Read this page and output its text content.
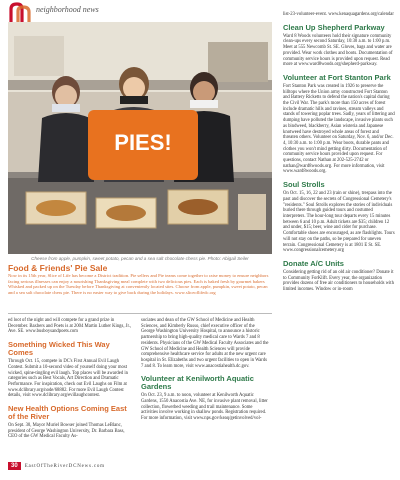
neighborhood news
PIES!
Cheese from apple, pumpkin, sweet potato, pecan and a sea salt chocolate chess pie. Photo: Abigail Seiler
Food & Friends' Pie Sale
Now in its 15th year, Slice of Life has become a District tradition. Pie sellers and Pie teams come together to raise money to ensure neighbors facing serious illnesses can enjoy a nourishing Thanksgiving meal complete with two delicious pies. Each is baked fresh by gourmet bakers Whisked and packed up on the Tuesday before Thanksgiving at conveniently located sites. Choose from apple, pumpkin, sweet potato, pecan and a sea salt chocolate chess pie. There is no easier way to give back during the holidays. www.sliceoflifedc.org

ed loot of the night and will compete for a grand prize in December. Baxbers and Poets is at 2004 Martin Luther Kings, Jr., Ave. SE. www.busboysandpoets.com

Something Wicked This Way Comes

Through Oct. 15, compete in DC's First Annual Evil Laugh Contest. Submit a 10-second video of yourself doing your most wicked, spine-tingling evil laugh. Top places will be awarded in categories such as Best Vocals, Art Direction and Dramatic Performance. For inspiration, check out Evil Laughs on Film at www.dclibrary.org/node/68882. For more Evil Laugh Contest details, visit www.dclibrary.org/evillaughcontest.

New Health Options Coming East of the River

On Sept. 30, Mayor Muriel Bowser joined Thomas LeBlanc, president of George Washington University, Dr. Barbara Bass, CEO of the GW Medical Faculty As-

sociates and dean of the GW School of Medicine and Health Sciences, and Kimberly Russo, chief executive officer of the George Washington University Hospital, to announce a historic partnership to bring high-quality medical care to Wards 7 and 8 residents. Physicians of the GW Medical Faculty Associates and the GW School of Medicine and Health Sciences will provide comprehensive healthcare service for adults at the new urgent care hospital in St. Elizabeths and two urgent facilities to open in Wards 7 and 8. To learn more, visit www.anacostiahealth.dc.gov.

Volunteer at Kenilworth Aquatic Gardens

On Oct. 23, 9 a.m. to noon, volunteer at Kenilworth Aquatic Gardens, 1550 Anacostia Ave. NE, for invasive plant removal, litter collection, flowerbed weeding and trail maintenance. Some activities involve working in shallow ponds. Registration required. For more information, visit www.nps.gov/keaq/getinvolved/vol-

list-23-volunteer-event. www.kenaquagardens.org/calendar

Clean Up Shepherd Parkway

Ward 8 Woods volunteers hold their signature community clean-ups every second Saturday, 10:30 a.m. to 1:00 p.m. Meet at 555 Newcomb St. SE. Gloves, bags and water are provided. Wear work clothes and boots. Documentation of community service hours is provided upon request. Read more at www.ward8woods.org/shepherd-parkway.

Volunteer at Fort Stanton Park

Fort Stanton Park was created in 1926 to preserve the hilltops where the Union army constructed Fort Stanton and Battery Ricketts to defend the nation's capital during the Civil War. The park's more than 150 acres of forest include dramatic hills and ravines, stream valleys and stands of towering poplar trees. Sadly, years of littering and dumping have polluted the landscape, invasive plants such as bindweed, blackberry, Asian wisteria and Japanese knotweed have destroyed whole areas of forest and threaten others. Volunteer on Saturday, Nov. 6, and/or Dec. 4, 10:30 a.m. to 1:00 p.m. Wear boots, durable pants and clothes you won't mind getting dirty. Documentation of community service hours provided upon request. For questions, contact Nathan at 202-525-2742 or nathan@ward8woods.org. For more information, visit www.ward8woods.org.

Soul Strolls

On Oct. 15, 16, 22 and 23 (rain or shine), trespass into the past and discover the secrets of Congressional Cemetery's "residents." Soul Strolls explores the stories of individuals buried there through guided tours and costumed interpreters. The hour-long tour departs every 15 minutes between 6 and 10 p.m. Adult tickets are $35; children 12 and under, $15; beer, wine and cider for purchase. Comfortable shoes are encouraged, as are flashlights. Tours will not stay on the paths, so be prepared for uneven terrain. Congressional Cemetery is at 1801 E St. SE. www.congressionalcemetery.org

Donate A/C Units

Considering getting rid of an old air conditioner? Donate it to Community ForKlift. Every year, the organization provides dozens of free air conditioners to households with limited incomes. Window or in-room

30	EastOfTheRiverDCNews.com
